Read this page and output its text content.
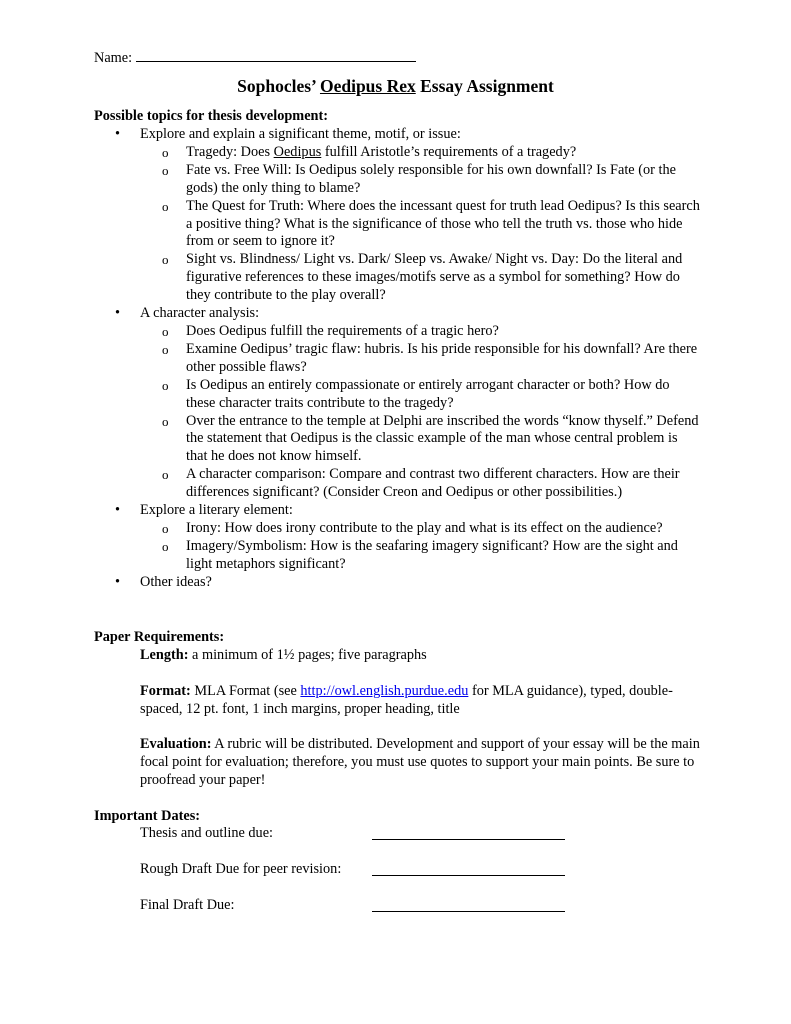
Name:
Sophocles’ Oedipus Rex Essay Assignment
Possible topics for thesis development:
• Explore and explain a significant theme, motif, or issue:
o Tragedy: Does Oedipus fulfill Aristotle’s requirements of a tragedy?
o Fate vs. Free Will: Is Oedipus solely responsible for his own downfall? Is Fate (or the gods) the only thing to blame?
o The Quest for Truth: Where does the incessant quest for truth lead Oedipus? Is this search a positive thing? What is the significance of those who tell the truth vs. those who hide from or seem to ignore it?
o Sight vs. Blindness/ Light vs. Dark/ Sleep vs. Awake/ Night vs. Day: Do the literal and figurative references to these images/motifs serve as a symbol for something? How do they contribute to the play overall?
• A character analysis:
o Does Oedipus fulfill the requirements of a tragic hero?
o Examine Oedipus’ tragic flaw: hubris. Is his pride responsible for his downfall? Are there other possible flaws?
o Is Oedipus an entirely compassionate or entirely arrogant character or both? How do these character traits contribute to the tragedy?
o Over the entrance to the temple at Delphi are inscribed the words “know thyself.” Defend the statement that Oedipus is the classic example of the man whose central problem is that he does not know himself.
o A character comparison: Compare and contrast two different characters. How are their differences significant? (Consider Creon and Oedipus or other possibilities.)
• Explore a literary element:
o Irony: How does irony contribute to the play and what is its effect on the audience?
o Imagery/Symbolism: How is the seafaring imagery significant? How are the sight and light metaphors significant?
• Other ideas?
Paper Requirements:
Length: a minimum of 1½ pages; five paragraphs
Format: MLA Format (see http://owl.english.purdue.edu for MLA guidance), typed, double-spaced, 12 pt. font, 1 inch margins, proper heading, title
Evaluation: A rubric will be distributed. Development and support of your essay will be the main focal point for evaluation; therefore, you must use quotes to support your main points. Be sure to proofread your paper!
Important Dates:
Thesis and outline due:
Rough Draft Due for peer revision:
Final Draft Due:
